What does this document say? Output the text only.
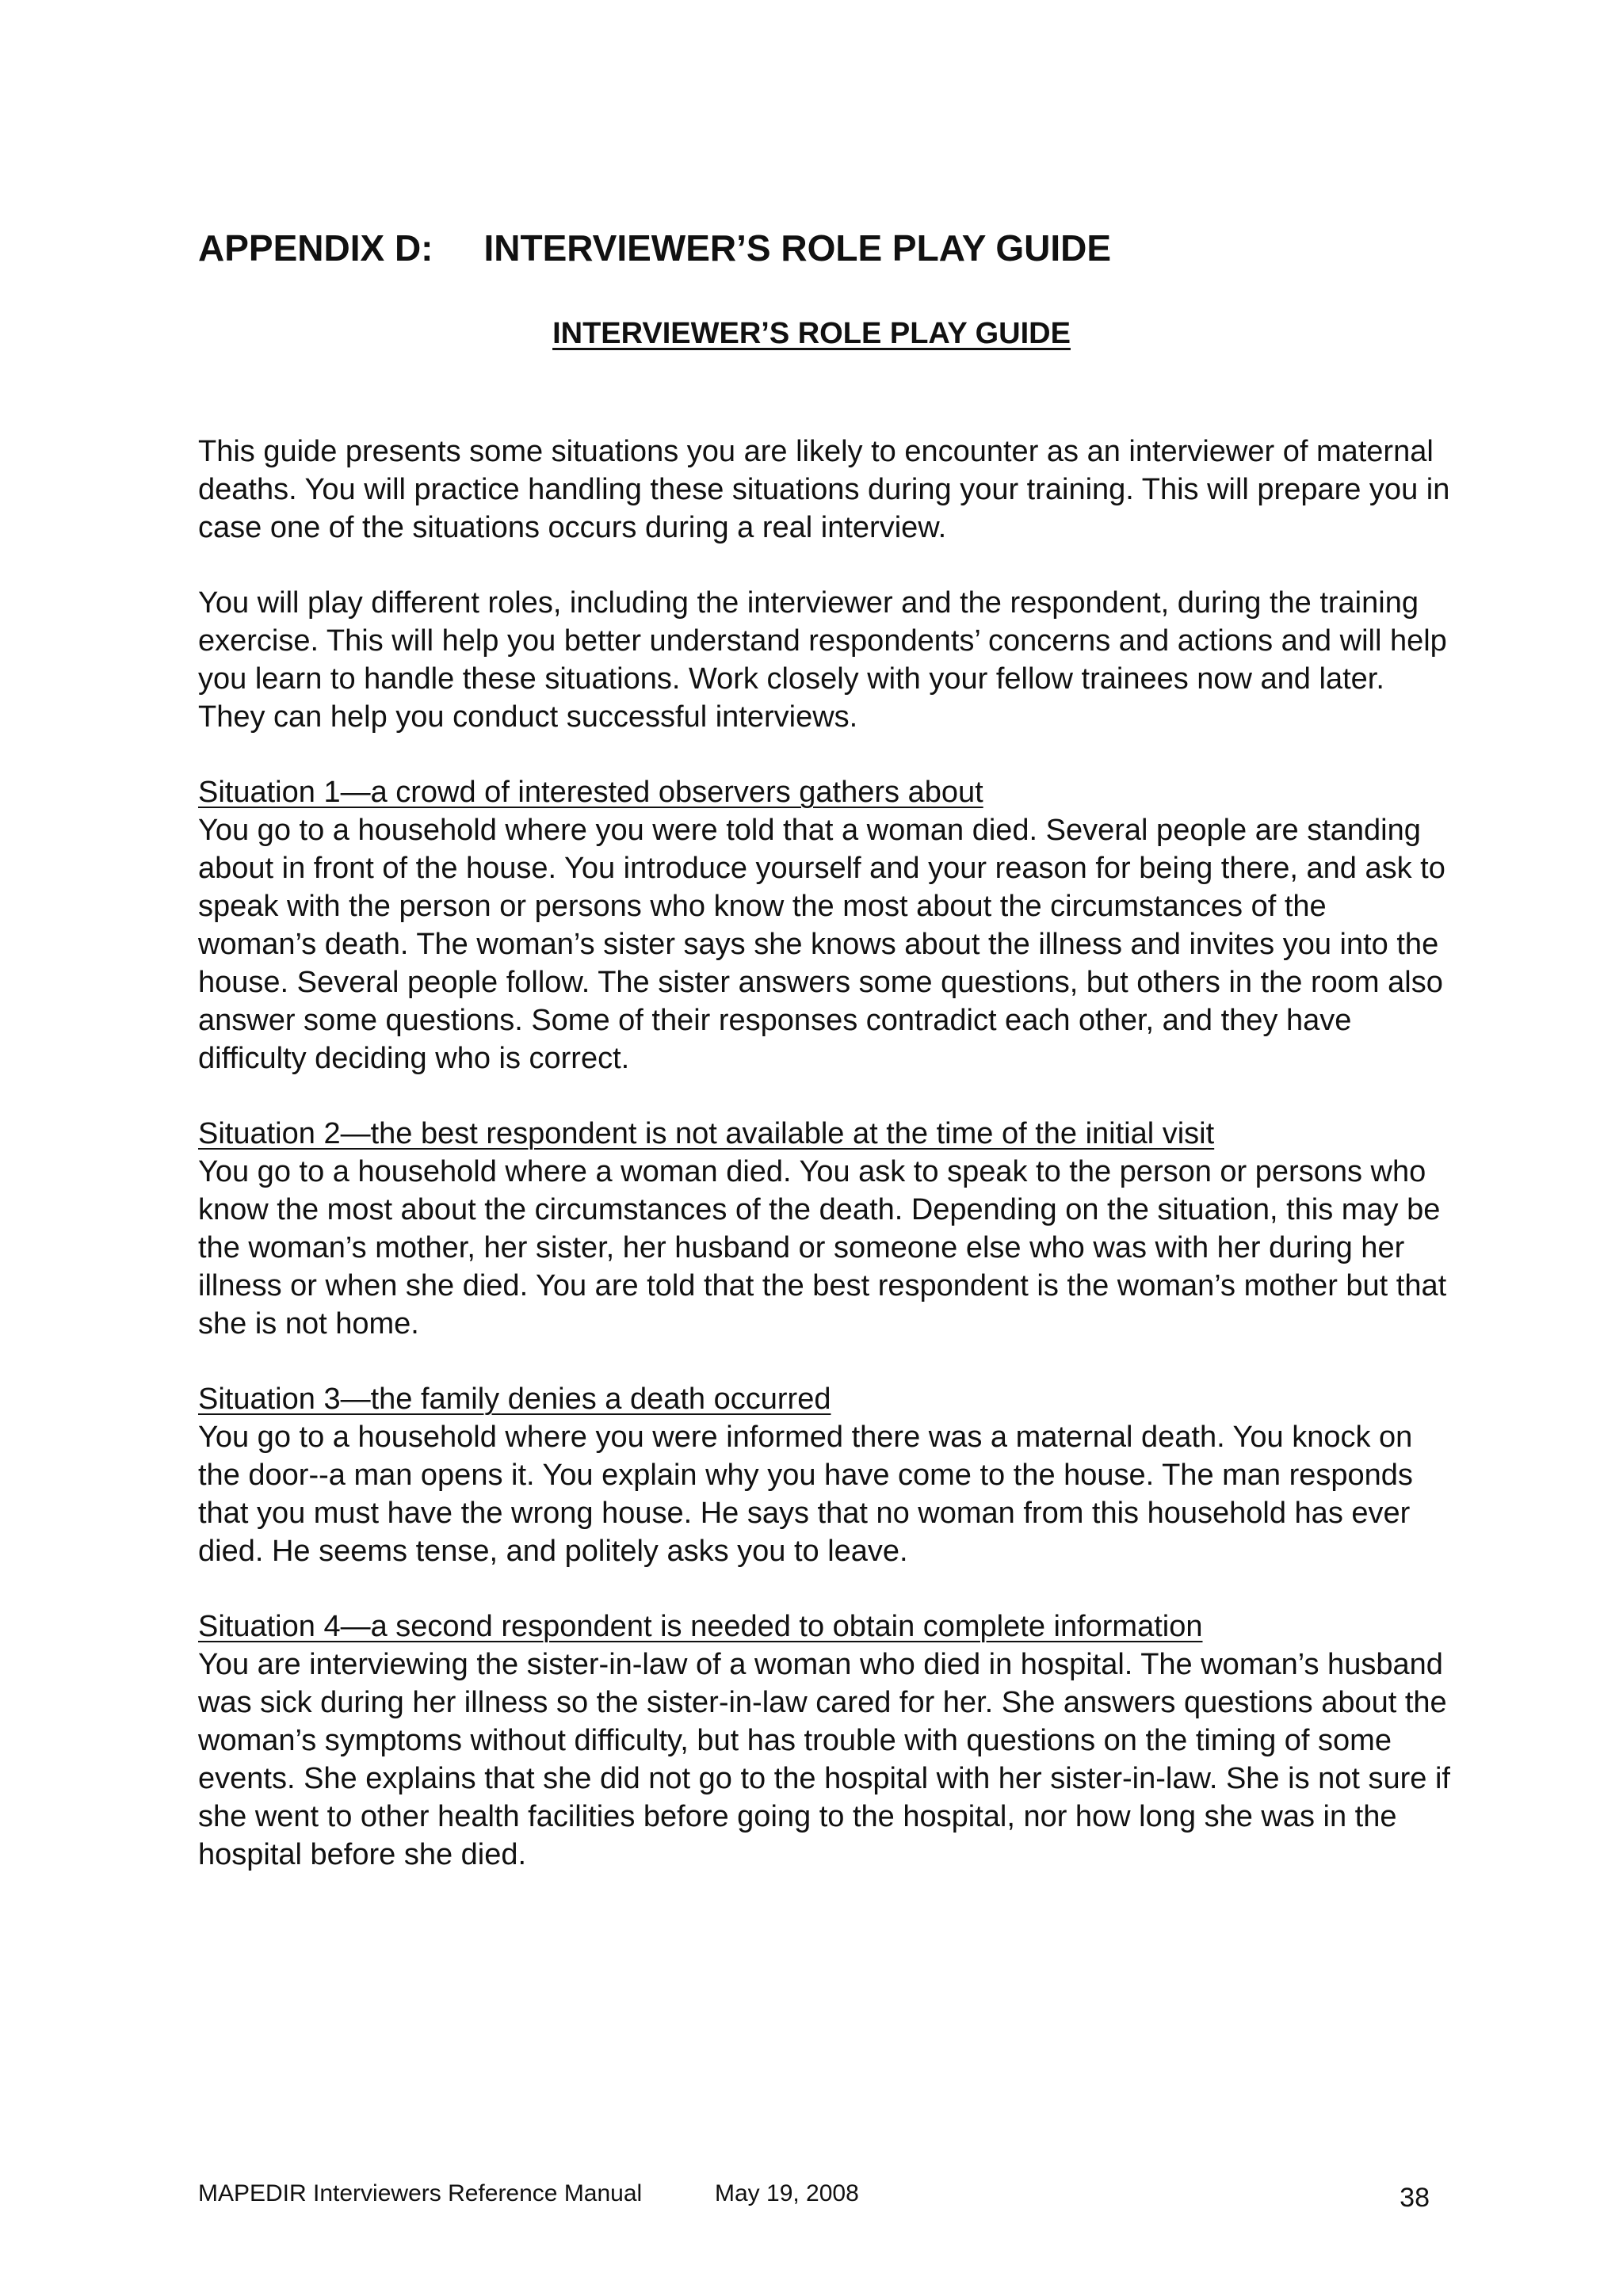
APPENDIX D: INTERVIEWER’S ROLE PLAY GUIDE
INTERVIEWER’S ROLE PLAY GUIDE

This guide presents some situations you are likely to encounter as an interviewer of maternal deaths. You will practice handling these situations during your training. This will prepare you in case one of the situations occurs during a real interview.

You will play different roles, including the interviewer and the respondent, during the training exercise. This will help you better understand respondents’ concerns and actions and will help you learn to handle these situations. Work closely with your fellow trainees now and later. They can help you conduct successful interviews.

Situation 1—a crowd of interested observers gathers about
You go to a household where you were told that a woman died. Several people are standing about in front of the house. You introduce yourself and your reason for being there, and ask to speak with the person or persons who know the most about the circumstances of the woman’s death. The woman’s sister says she knows about the illness and invites you into the house. Several people follow. The sister answers some questions, but others in the room also answer some questions. Some of their responses contradict each other, and they have difficulty deciding who is correct.
Situation 2—the best respondent is not available at the time of the initial visit
You go to a household where a woman died. You ask to speak to the person or persons who know the most about the circumstances of the death. Depending on the situation, this may be the woman’s mother, her sister, her husband or someone else who was with her during her illness or when she died. You are told that the best respondent is the woman’s mother but that she is not home.
Situation 3—the family denies a death occurred
You go to a household where you were informed there was a maternal death. You knock on the door--a man opens it. You explain why you have come to the house. The man responds that you must have the wrong house. He says that no woman from this household has ever died. He seems tense, and politely asks you to leave.
Situation 4—a second respondent is needed to obtain complete information
You are interviewing the sister-in-law of a woman who died in hospital. The woman’s husband was sick during her illness so the sister-in-law cared for her. She answers questions about the woman’s symptoms without difficulty, but has trouble with questions on the timing of some events. She explains that she did not go to the hospital with her sister-in-law. She is not sure if she went to other health facilities before going to the hospital, nor how long she was in the hospital before she died.
MAPEDIR Interviewers Reference Manual	May 19, 2008	38
